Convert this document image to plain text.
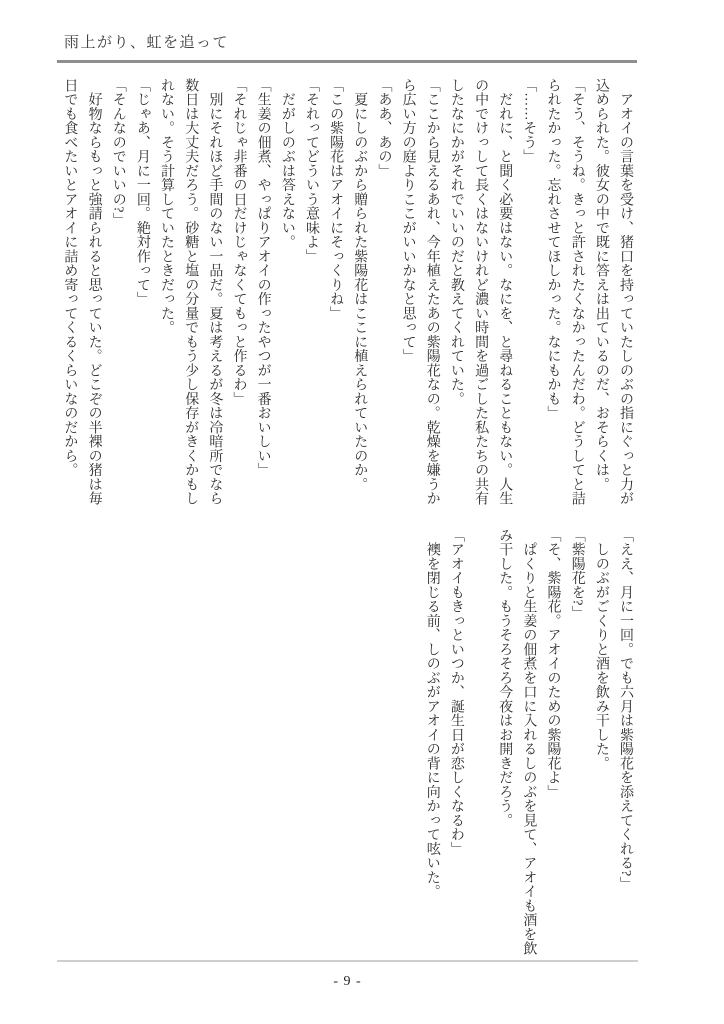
雨上がり、虹を追って
　アオイの言葉を受け、猪口を持っていたしのぶの指にぐっと力が
込められた。彼女の中で既に答えは出ているのだ、おそらくは。
「そう、そうね。きっと許されたくなかったんだわ。どうしてと詰
られたかった。忘れさせてほしかった。なにもかも」
「……そう」
　だれに、と聞く必要はない。なにを、と尋ねることもない。人生
の中でけっして長くはないけれど濃い時間を過ごした私たちの共有
したなにかがそれでいいのだと教えてくれていた。
「ここから見えるあれ、今年植えたあの紫陽花なの。乾燥を嫌うか
ら広い方の庭よりここがいいかなと思って」
「ああ、あの」
　夏にしのぶから贈られた紫陽花はここに植えられていたのか。
「この紫陽花はアオイにそっくりね」
「それってどういう意味よ」
　だがしのぶは答えない。
「生姜の佃煮、やっぱりアオイの作ったやつが一番おいしい」
「それじゃ非番の日だけじゃなくてもっと作るわ」
　別にそれほど手間のない一品だ。夏は考えるが冬は冷暗所でなら
数日は大丈夫だろう。砂糖と塩の分量でもう少し保存がきくかもし
れない。そう計算していたときだった。
「じゃあ、月に一回。絶対作って」
「そんなのでいいの?」
　好物ならもっと強請られると思っていた。どこぞの半裸の猪は毎
日でも食べたいとアオイに詰め寄ってくるくらいなのだから。
「ええ、月に一回。でも六月は紫陽花を添えてくれる?」
　しのぶがごくりと酒を飲み干した。
「紫陽花を?」
「そ、紫陽花。アオイのための紫陽花よ」
　ぱくりと生姜の佃煮を口に入れるしのぶを見て、アオイも酒を飲
み干した。もうそろそろ今夜はお開きだろう。

「アオイもきっといつか、誕生日が恋しくなるわ」
　襖を閉じる前、しのぶがアオイの背に向かって呟いた。
- 9 -
